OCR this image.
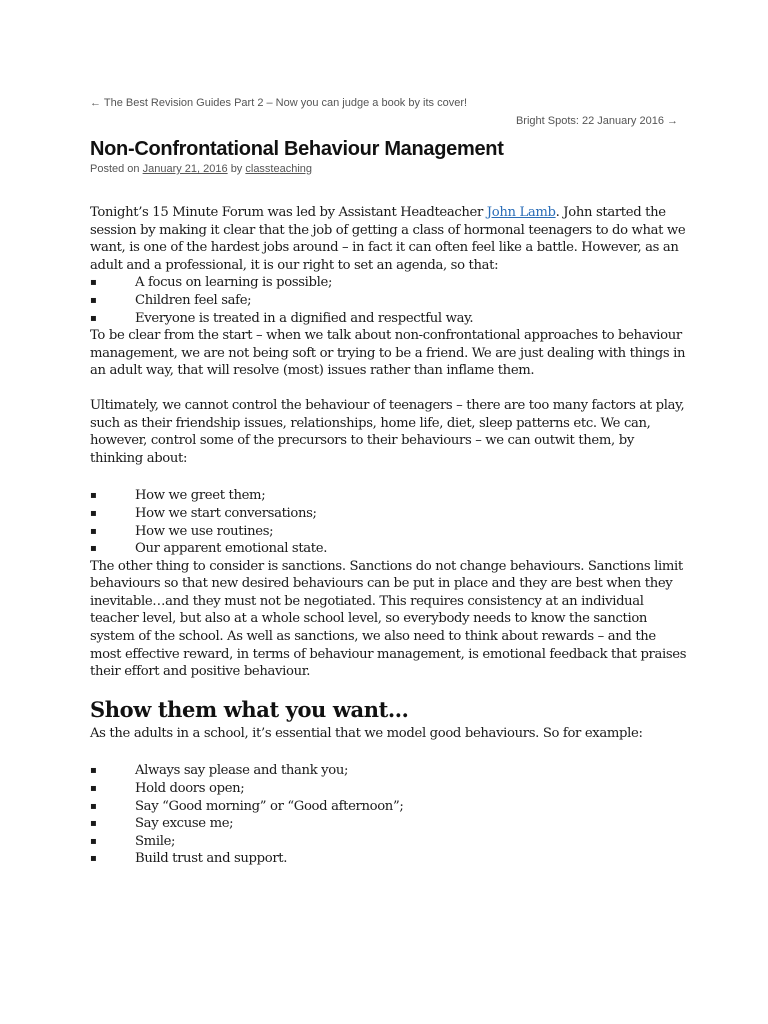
← The Best Revision Guides Part 2 – Now you can judge a book by its cover!
Bright Spots: 22 January 2016 →
Non-Confrontational Behaviour Management
Posted on January 21, 2016 by classteaching

Tonight’s 15 Minute Forum was led by Assistant Headteacher John Lamb. John started the session by making it clear that the job of getting a class of hormonal teenagers to do what we want, is one of the hardest jobs around – in fact it can often feel like a battle. However, as an adult and a professional, it is our right to set an agenda, so that:

▪	A focus on learning is possible;
▪	Children feel safe;
▪	Everyone is treated in a dignified and respectful way.

To be clear from the start – when we talk about non-confrontational approaches to behaviour management, we are not being soft or trying to be a friend. We are just dealing with things in an adult way, that will resolve (most) issues rather than inflame them.

Ultimately, we cannot control the behaviour of teenagers – there are too many factors at play, such as their friendship issues, relationships, home life, diet, sleep patterns etc. We can, however, control some of the precursors to their behaviours – we can outwit them, by thinking about:

▪	How we greet them;
▪	How we start conversations;
▪	How we use routines;
▪	Our apparent emotional state.

The other thing to consider is sanctions. Sanctions do not change behaviours. Sanctions limit behaviours so that new desired behaviours can be put in place and they are best when they inevitable…and they must not be negotiated. This requires consistency at an individual teacher level, but also at a whole school level, so everybody needs to know the sanction system of the school. As well as sanctions, we also need to think about rewards – and the most effective reward, in terms of behaviour management, is emotional feedback that praises their effort and positive behaviour.

Show them what you want…

As the adults in a school, it’s essential that we model good behaviours. So for example:

▪	Always say please and thank you;
▪	Hold doors open;
▪	Say “Good morning” or “Good afternoon”;
▪	Say excuse me;
▪	Smile;
▪	Build trust and support.
